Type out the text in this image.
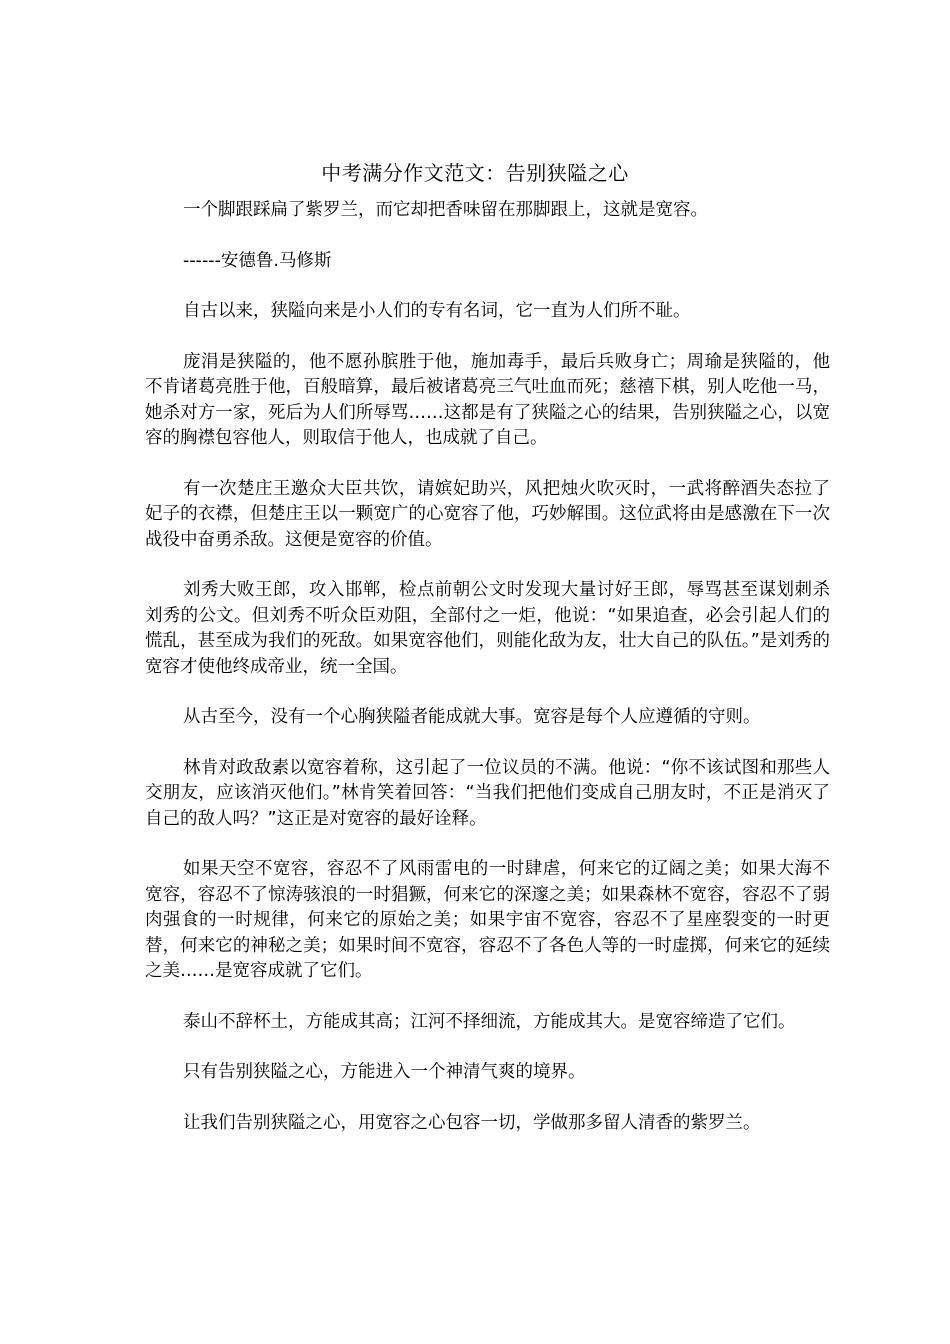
中考满分作文范文：告别狭隘之心

一个脚跟踩扁了紫罗兰，而它却把香味留在那脚跟上，这就是宽容。

------安德鲁.马修斯

自古以来，狭隘向来是小人们的专有名词，它一直为人们所不耻。

庞涓是狭隘的，他不愿孙膑胜于他，施加毒手，最后兵败身亡；周瑜是狭隘的，他不肯诸葛亮胜于他，百般暗算，最后被诸葛亮三气吐血而死；慈禧下棋，别人吃他一马，她杀对方一家，死后为人们所辱骂……这都是有了狭隘之心的结果，告别狭隘之心，以宽容的胸襟包容他人，则取信于他人，也成就了自己。

有一次楚庄王邀众大臣共饮，请嫔妃助兴，风把烛火吹灭时，一武将醉酒失态拉了妃子的衣襟，但楚庄王以一颗宽广的心宽容了他，巧妙解围。这位武将由是感激在下一次战役中奋勇杀敌。这便是宽容的价值。

刘秀大败王郎，攻入邯郸，检点前朝公文时发现大量讨好王郎，辱骂甚至谋划刺杀刘秀的公文。但刘秀不听众臣劝阻，全部付之一炬，他说：“如果追查，必会引起人们的慌乱，甚至成为我们的死敌。如果宽容他们，则能化敌为友，壮大自己的队伍。”是刘秀的宽容才使他终成帝业，统一全国。

从古至今，没有一个心胸狭隘者能成就大事。宽容是每个人应遵循的守则。

林肯对政敌素以宽容着称，这引起了一位议员的不满。他说：“你不该试图和那些人交朋友，应该消灭他们。”林肯笑着回答：“当我们把他们变成自己朋友时，不正是消灭了自己的敌人吗？”这正是对宽容的最好诠释。

如果天空不宽容，容忍不了风雨雷电的一时肆虐，何来它的辽阔之美；如果大海不宽容，容忍不了惊涛骇浪的一时猖獗，何来它的深邃之美；如果森林不宽容，容忍不了弱肉强食的一时规律，何来它的原始之美；如果宇宙不宽容，容忍不了星座裂变的一时更替，何来它的神秘之美；如果时间不宽容，容忍不了各色人等的一时虚掷，何来它的延续之美……是宽容成就了它们。

泰山不辞杯土，方能成其高；江河不择细流，方能成其大。是宽容缔造了它们。

只有告别狭隘之心，方能进入一个神清气爽的境界。

让我们告别狭隘之心，用宽容之心包容一切，学做那多留人清香的紫罗兰。
